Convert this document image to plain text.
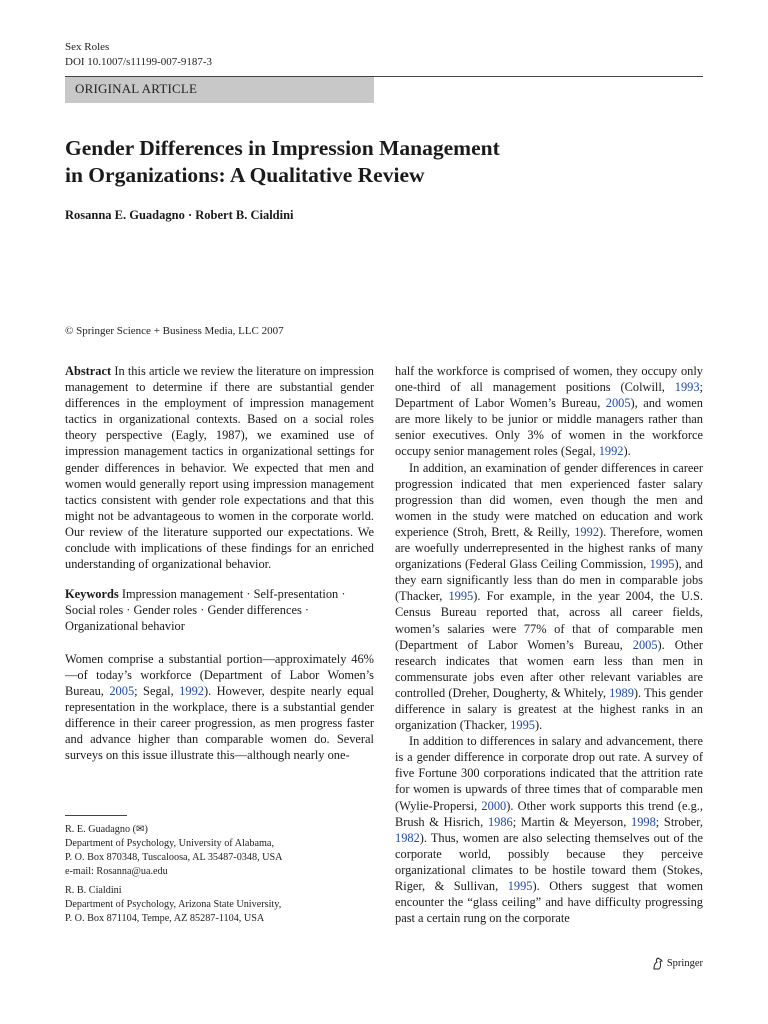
Sex Roles
DOI 10.1007/s11199-007-9187-3
ORIGINAL ARTICLE
Gender Differences in Impression Management
in Organizations: A Qualitative Review
Rosanna E. Guadagno · Robert B. Cialdini
© Springer Science + Business Media, LLC 2007

Abstract In this article we review the literature on impression management to determine if there are substantial gender differences in the employment of impression management tactics in organizational contexts. Based on a social roles theory perspective (Eagly, 1987), we examined use of impression management tactics in organizational settings for gender differences in behavior. We expected that men and women would generally report using impression management tactics consistent with gender role expectations and that this might not be advantageous to women in the corporate world. Our review of the literature supported our expectations. We conclude with implications of these findings for an enriched understanding of organizational behavior.

Keywords Impression management · Self-presentation · Social roles · Gender roles · Gender differences · Organizational behavior

Women comprise a substantial portion—approximately 46%—of today’s workforce (Department of Labor Women’s Bureau, 2005; Segal, 1992). However, despite nearly equal representation in the workplace, there is a substantial gender difference in their career progression, as men progress faster and advance higher than comparable women do. Several surveys on this issue illustrate this—although nearly one-

R. E. Guadagno (✉)
Department of Psychology, University of Alabama,
P. O. Box 870348, Tuscaloosa, AL 35487-0348, USA
e-mail: Rosanna@ua.edu
R. B. Cialdini
Department of Psychology, Arizona State University,
P. O. Box 871104, Tempe, AZ 85287-1104, USA

half the workforce is comprised of women, they occupy only one-third of all management positions (Colwill, 1993; Department of Labor Women’s Bureau, 2005), and women are more likely to be junior or middle managers rather than senior executives. Only 3% of women in the workforce occupy senior management roles (Segal, 1992).

In addition, an examination of gender differences in career progression indicated that men experienced faster salary progression than did women, even though the men and women in the study were matched on education and work experience (Stroh, Brett, & Reilly, 1992). Therefore, women are woefully underrepresented in the highest ranks of many organizations (Federal Glass Ceiling Commission, 1995), and they earn significantly less than do men in comparable jobs (Thacker, 1995). For example, in the year 2004, the U.S. Census Bureau reported that, across all career fields, women’s salaries were 77% of that of comparable men (Department of Labor Women’s Bureau, 2005). Other research indicates that women earn less than men in commensurate jobs even after other relevant variables are controlled (Dreher, Dougherty, & Whitely, 1989). This gender difference in salary is greatest at the highest ranks in an organization (Thacker, 1995).

In addition to differences in salary and advancement, there is a gender difference in corporate drop out rate. A survey of five Fortune 300 corporations indicated that the attrition rate for women is upwards of three times that of comparable men (Wylie-Propersi, 2000). Other work supports this trend (e.g., Brush & Hisrich, 1986; Martin & Meyerson, 1998; Strober, 1982). Thus, women are also selecting themselves out of the corporate world, possibly because they perceive organizational climates to be hostile toward them (Stokes, Riger, & Sullivan, 1995). Others suggest that women encounter the “glass ceiling” and have difficulty progressing past a certain rung on the corporate

Springer
